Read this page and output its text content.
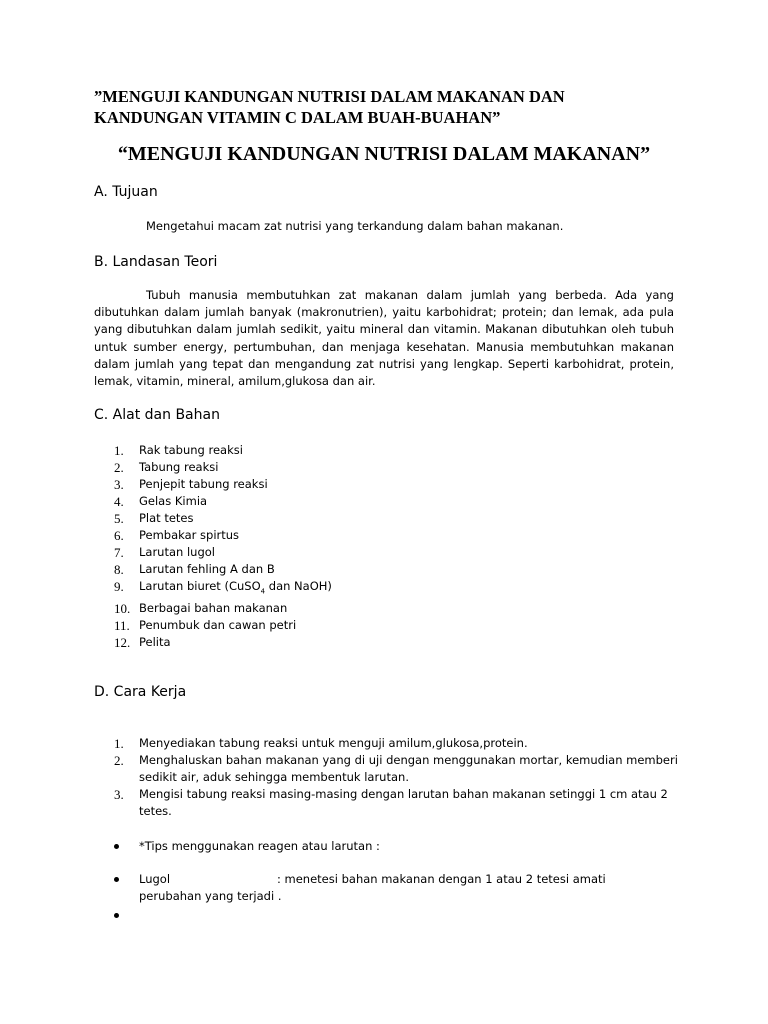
”MENGUJI KANDUNGAN NUTRISI DALAM MAKANAN DAN
KANDUNGAN VITAMIN C DALAM BUAH-BUAHAN”
“MENGUJI KANDUNGAN NUTRISI DALAM MAKANAN”
A. Tujuan
Mengetahui macam zat nutrisi yang terkandung dalam bahan makanan.
B. Landasan Teori
Tubuh manusia membutuhkan zat makanan dalam jumlah yang berbeda. Ada yang
dibutuhkan dalam jumlah banyak (makronutrien), yaitu karbohidrat; protein; dan lemak, ada pula
yang dibutuhkan dalam jumlah sedikit, yaitu mineral dan vitamin. Makanan dibutuhkan oleh tubuh
untuk sumber energy, pertumbuhan, dan menjaga kesehatan. Manusia membutuhkan makanan
dalam jumlah yang tepat dan mengandung zat nutrisi yang lengkap. Seperti karbohidrat, protein,
lemak, vitamin, mineral, amilum,glukosa dan air.
C. Alat dan Bahan
1.	Rak tabung reaksi
2.	Tabung reaksi
3.	Penjepit tabung reaksi
4.	Gelas Kimia
5.	Plat tetes
6.	Pembakar spirtus
7.	Larutan lugol
8.	Larutan fehling A dan B
9.	Larutan biuret (CuSO$_4$ dan NaOH)
10. Berbagai bahan makanan
11. Penumbuk dan cawan petri
12. Pelita
D. Cara Kerja
1. Menyediakan tabung reaksi untuk menguji amilum,glukosa,protein.
2. Menghaluskan bahan makanan yang di uji dengan menggunakan mortar, kemudian memberi sedikit air, aduk sehingga membentuk larutan.
3. Mengisi tabung reaksi masing-masing dengan larutan bahan makanan setinggi 1 cm atau 2 tetes.
*Tips menggunakan reagen atau larutan :
Lugol	: menetesi bahan makanan dengan 1 atau 2 tetesi amati
perubahan yang terjadi .
